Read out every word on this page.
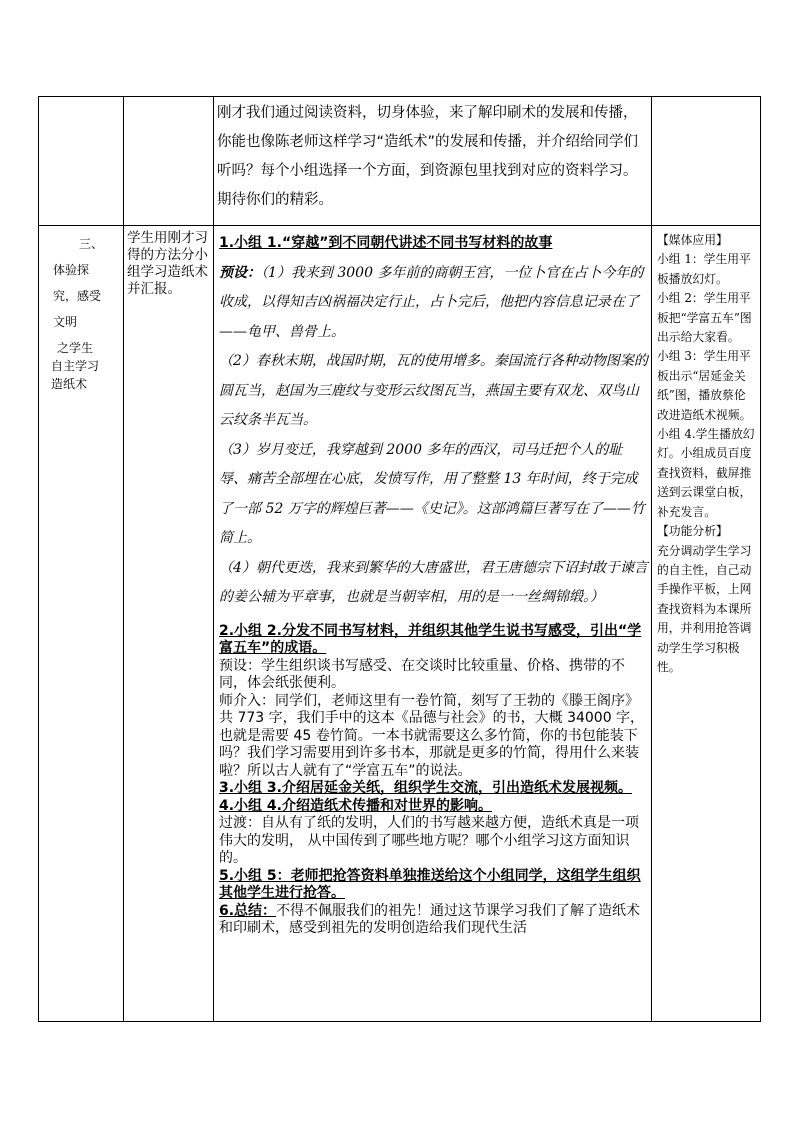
刚才我们通过阅读资料，切身体验，来了解印刷术的发展和传播，你能也像陈老师这样学习“造纸术”的发展和传播，并介绍给同学们听吗？每个小组选择一个方面，到资源包里找到对应的资料学习。期待你们的精彩。

三、
体验探
究，感受
文明
之学生
自主学习
造纸术
学生用刚才习得的方法分小组学习造纸术并汇报。

1.小组 1.“穿越”到不同朝代讲述不同书写材料的故事

预设：（1）我来到 3000 多年前的商朝王宫，一位卜官在占卜今年的收成，以得知吉凶祸福决定行止，占卜完后，他把内容信息记录在了——龟甲、兽骨上。

（2）春秋末期，战国时期，瓦的使用增多。秦国流行各种动物图案的圆瓦当，赵国为三鹿纹与变形云纹图瓦当，燕国主要有双龙、双鸟山云纹条半瓦当。

（3）岁月变迁，我穿越到 2000 多年的西汉，司马迁把个人的耻辱、痛苦全部埋在心底，发愤写作，用了整整 13 年时间，终于完成了一部 52 万字的辉煌巨著——《史记》。这部鸿篇巨著写在了——竹简上。

（4）朝代更迭，我来到繁华的大唐盛世，君王唐德宗下诏封敢于谏言的姜公辅为平章事，也就是当朝宰相，用的是一一丝绸锦缎。）

2.小组 2.分发不同书写材料，并组织其他学生说书写感受，引出“学富五车”的成语。

预设：学生组织谈书写感受、在交谈时比较重量、价格、携带的不同，体会纸张便利。

师介入：同学们，老师这里有一卷竹简，刻写了王勃的《滕王阁序》 共 773 字，我们手中的这本《品德与社会》的书，大概 34000 字，也就是需要 45 卷竹简。一本书就需要这么多竹简，你的书包能装下吗？我们学习需要用到许多书本，那就是更多的竹简，得用什么来装啦？所以古人就有了“学富五车”的说法。

3.小组 3.介绍居延金关纸，组织学生交流，引出造纸术发展视频。

4.小组 4.介绍造纸术传播和对世界的影响。

过渡：自从有了纸的发明，人们的书写越来越方便，造纸术真是一项伟大的发明， 从中国传到了哪些地方呢？哪个小组学习这方面知识的。

5.小组 5：老师把抢答资料单独推送给这个小组同学，这组学生组织其他学生进行抢答。

6.总结：不得不佩服我们的祖先！通过这节课学习我们了解了造纸术和印刷术，感受到祖先的发明创造给我们现代生活

【媒体应用】

小组 1：学生用平板播放幻灯。

小组 2：学生用平板把“学富五车”图出示给大家看。

小组 3：学生用平板出示“居延金关纸”图，播放蔡伦改进造纸术视频。

小组 4.学生播放幻灯。小组成员百度查找资料，截屏推送到云课堂白板，补充发言。

【功能分析】

充分调动学生学习的自主性，自己动手操作平板，上网查找资料为本课所用，并利用抢答调动学生学习积极性。
